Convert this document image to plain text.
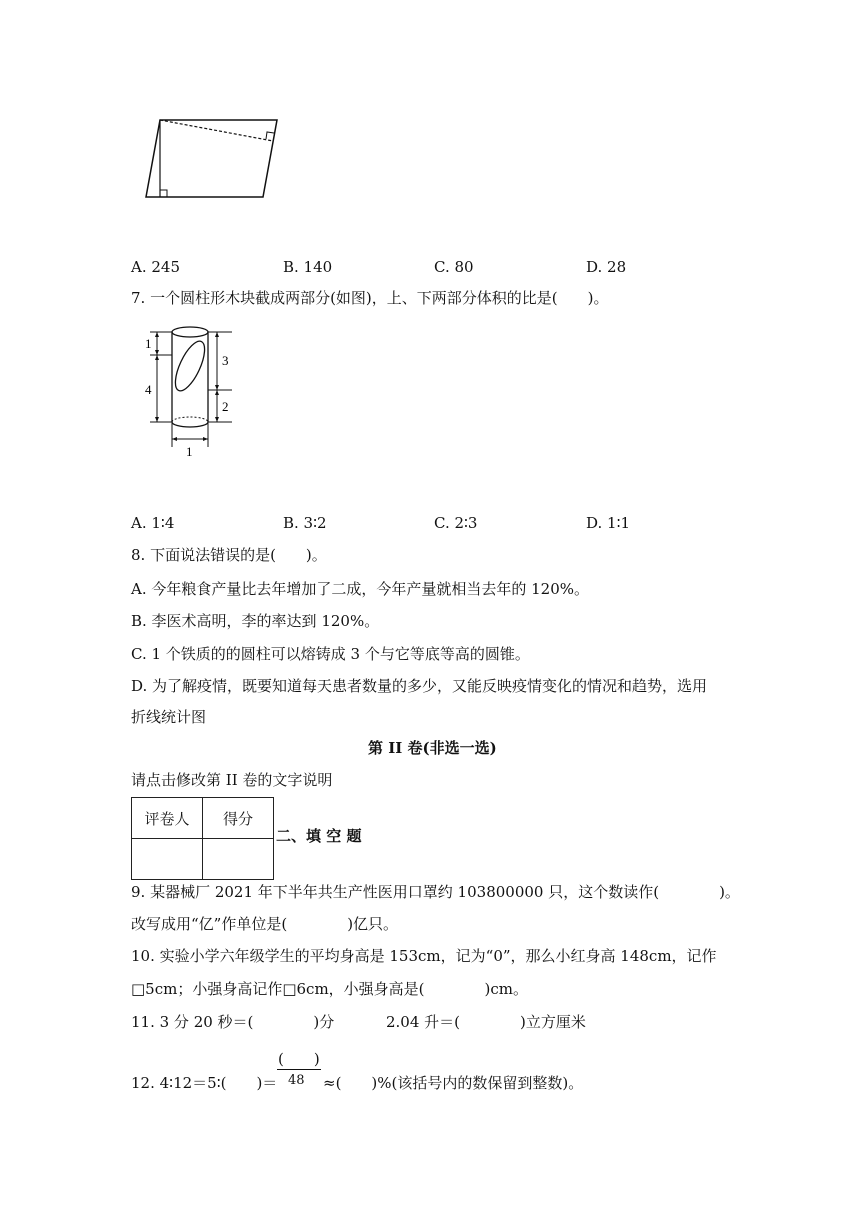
A. 245	B. 140	C. 80	D. 28
7. 一个圆柱形木块截成两部分(如图)，上、下两部分体积的比是(　　)。
1
4
3
2
1
A. 1∶4	B. 3∶2	C. 2∶3	D. 1∶1
8. 下面说法错误的是(　　)。
A. 今年粮食产量比去年增加了二成，今年产量就相当去年的 120%。
B. 李医术高明，李的率达到 120%。
C. 1 个铁质的的圆柱可以熔铸成 3 个与它等底等高的圆锥。
D. 为了解疫情，既要知道每天患者数量的多少，又能反映疫情变化的情况和趋势，选用
折线统计图
第 II 卷(非选一选)
请点击修改第 II 卷的文字说明
评卷人	得分

二、填 空 题
9. 某器械厂 2021 年下半年共生产性医用口罩约 103800000 只，这个数读作(　　　　)。
改写成用“亿”作单位是(　　　　)亿只。
10. 实验小学六年级学生的平均身高是 153cm，记为“0”，那么小红身高 148cm，记作
□5cm；小强身高记作□6cm，小强身高是(　　　　)cm。
11. 3 分 20 秒＝(　　　　)分	2.04 升＝(　　　　)立方厘米
12. 4∶12＝5∶(　　)＝
(　　)
48 ≈(　　)%(该括号内的数保留到整数)。
